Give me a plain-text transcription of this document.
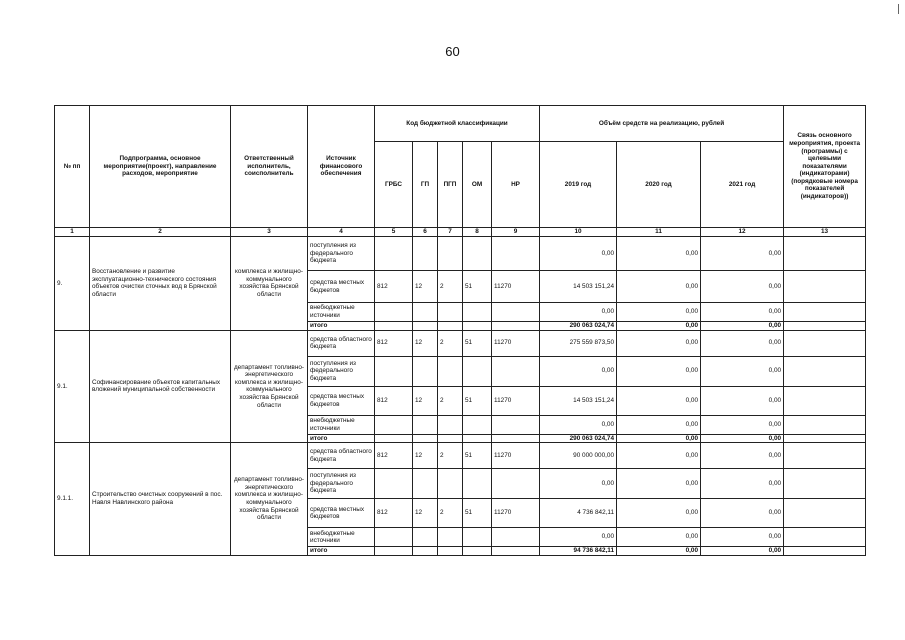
60
№ пп	Подпрограмма, основное мероприятие(проект), направление расходов, мероприятие	Ответственный исполнитель, соисполнитель	Источник финансового обеспечения	Код бюджетной классификации					Объём средств на реализацию, рублей			Связь основного мероприятия, проекта (программы) с целевыми показателями (индикаторами) (порядковые номера показателей (индикаторов))
				ГРБС	ГП	ПГП	ОМ	НР	2019 год	2020 год	2021 год	
1	2	3	4	5	6	7	8	9	10	11	12	13
9.	Восстановление и развитие эксплуатационно-технического состояния объектов очистки сточных вод в Брянской области	комплекса и жилищно-коммунального хозяйства Брянской области	поступления из федерального бюджета						0,00	0,00	0,00	
			средства местных бюджетов	812	12	2	51	11270	14 503 151,24	0,00	0,00	
			внебюджетные источники						0,00	0,00	0,00	
			итого						290 063 024,74	0,00	0,00	
9.1.	Софинансирование объектов капитальных вложений муниципальной собственности	департамент топливно-энергетического комплекса и жилищно-коммунального хозяйства Брянской области	средства областного бюджета	812	12	2	51	11270	275 559 873,50	0,00	0,00	
			поступления из федерального бюджета						0,00	0,00	0,00	
			средства местных бюджетов	812	12	2	51	11270	14 503 151,24	0,00	0,00	
			внебюджетные источники						0,00	0,00	0,00	
			итого						290 063 024,74	0,00	0,00	
9.1.1.	Строительство очистных сооружений в пос. Навля Навлинского района	департамент топливно-энергетического комплекса и жилищно-коммунального хозяйства Брянской области	средства областного бюджета	812	12	2	51	11270	90 000 000,00	0,00	0,00	
			поступления из федерального бюджета						0,00	0,00	0,00	
			средства местных бюджетов	812	12	2	51	11270	4 736 842,11	0,00	0,00	
			внебюджетные источники						0,00	0,00	0,00	
			итого						94 736 842,11	0,00	0,00	
